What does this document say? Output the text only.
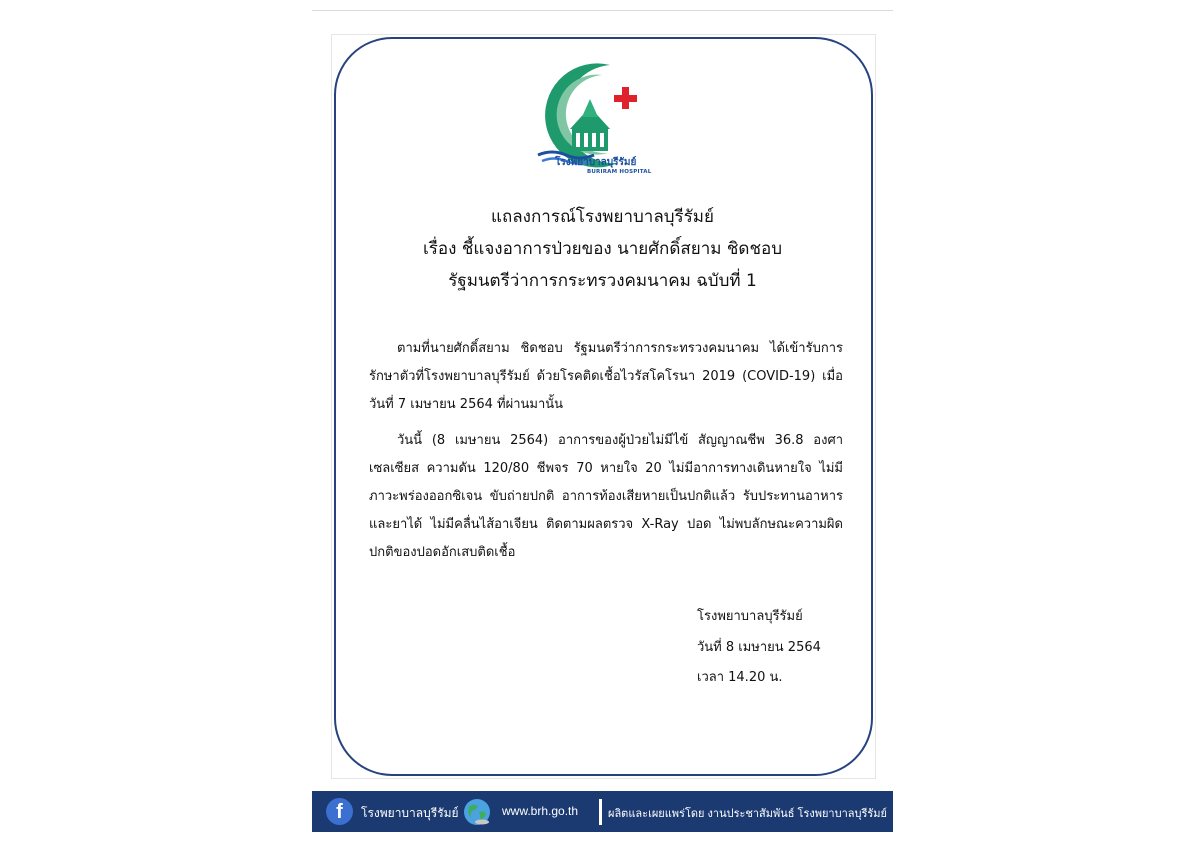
โรงพยาบาลบุรีรัมย์
BURIRAM HOSPITAL
แถลงการณ์โรงพยาบาลบุรีรัมย์
เรื่อง ชี้แจงอาการป่วยของ นายศักดิ์สยาม ชิดชอบ
รัฐมนตรีว่าการกระทรวงคมนาคม ฉบับที่ 1

ตามที่นายศักดิ์สยาม ชิดชอบ รัฐมนตรีว่าการกระทรวงคมนาคม ได้เข้ารับการรักษาตัวที่โรงพยาบาลบุรีรัมย์ ด้วยโรคติดเชื้อไวรัสโคโรนา 2019 (COVID-19) เมื่อวันที่ 7 เมษายน 2564 ที่ผ่านมานั้น

วันนี้ (8 เมษายน 2564) อาการของผู้ป่วยไม่มีไข้ สัญญาณชีพ 36.8 องศาเซลเซียส ความดัน 120/80 ชีพจร 70 หายใจ 20 ไม่มีอาการทางเดินหายใจ ไม่มีภาวะพร่องออกซิเจน ขับถ่ายปกติ อาการท้องเสียหายเป็นปกติแล้ว รับประทานอาหารและยาได้ ไม่มีคลื่นไส้อาเจียน ติดตามผลตรวจ X-Ray ปอด ไม่พบลักษณะความผิดปกติของปอดอักเสบติดเชื้อ

โรงพยาบาลบุรีรัมย์
วันที่ 8 เมษายน 2564
เวลา 14.20 น.
f	โรงพยาบาลบุรีรัมย์	www.brh.go.th	ผลิตและเผยแพร่โดย งานประชาสัมพันธ์ โรงพยาบาลบุรีรัมย์
